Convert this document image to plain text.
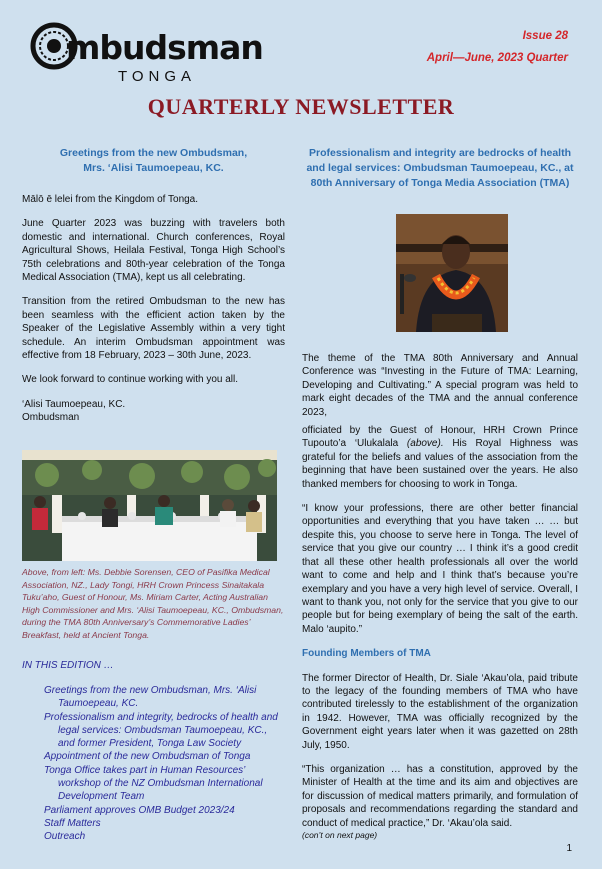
mbudsman
TONGA
Issue 28
April—June, 2023 Quarter
QUARTERLY NEWSLETTER
Greetings from the new Ombudsman,
Mrs. ‘Alisi Taumoepeau, KC.

Mālō ē lelei from the Kingdom of Tonga.

June Quarter 2023 was buzzing with travelers both domestic and international. Church conferences, Royal Agricultural Shows, Heilala Festival, Tonga High School’s 75th celebrations and 80th-year celebration of the Tonga Medical Association (TMA), kept us all celebrating.

Transition from the retired Ombudsman to the new has been seamless with the efficient action taken by the Speaker of the Legislative Assembly within a very tight schedule. An interim Ombudsman appointment was effective from 18 February, 2023 – 30th June, 2023.

We look forward to continue working with you all.

‘Alisi Taumoepeau, KC.
Ombudsman
Above, from left: Ms. Debbie Sorensen, CEO of Pasifika Medical Association, NZ., Lady Tongi, HRH Crown Princess Sinaitakala Tuku’aho, Guest of Honour, Ms. Miriam Carter, Acting Australian High Commissioner and Mrs. ‘Alisi Taumoepeau, KC., Ombudsman, during the TMA 80th Anniversary’s Commemorative Ladies’ Breakfast, held at Ancient Tonga.
IN THIS EDITION …

Greetings from the new Ombudsman, Mrs. ‘Alisi Taumoepeau, KC.

Professionalism and integrity, bedrocks of health and legal services: Ombudsman Taumoepeau, KC., and former President, Tonga Law Society

Appointment of the new Ombudsman of Tonga

Tonga Office takes part in Human Resources’ workshop of the NZ Ombudsman International Development Team

Parliament approves OMB Budget 2023/24

Staff Matters

Outreach

Professionalism and integrity are bedrocks of health and legal services: Ombudsman Taumoepeau, KC., at 80th Anniversary of Tonga Media Association (TMA)

The theme of the TMA 80th Anniversary and Annual Conference was “Investing in the Future of TMA: Learning, Developing and Cultivating.” A special program was held to mark eight decades of the TMA and the annual conference 2023,

officiated by the Guest of Honour, HRH Crown Prince Tupouto’a ‘Ulukalala (above). His Royal Highness was grateful for the beliefs and values of the association from the beginning that have been sustained over the years. He also thanked members for choosing to work in Tonga.

“I know your professions, there are other better financial opportunities and everything that you have taken … … but despite this, you choose to serve here in Tonga. The level of service that you give our country … I think it’s a good credit that all these other health professionals all over the world want to come and help and I think that’s because you’re exemplary and you have a very high level of service. Overall, I want to thank you, not only for the service that you give to our people but for being exemplary of being the salt of the earth. Malo ‘aupito.”

Founding Members of TMA

The former Director of Health, Dr. Siale ‘Akau’ola, paid tribute to the legacy of the founding members of TMA who have contributed tirelessly to the establishment of the organization in 1942. However, TMA was officially recognized by the Government eight years later when it was gazetted on 28th July, 1950.

“This organization … has a constitution, approved by the Minister of Health at the time and its aim and objectives are for discussion of medical matters primarily, and formulation of proposals and recommendations regarding the standard and conduct of medical practice,” Dr. ‘Akau’ola said.

(con’t on next page)
1
